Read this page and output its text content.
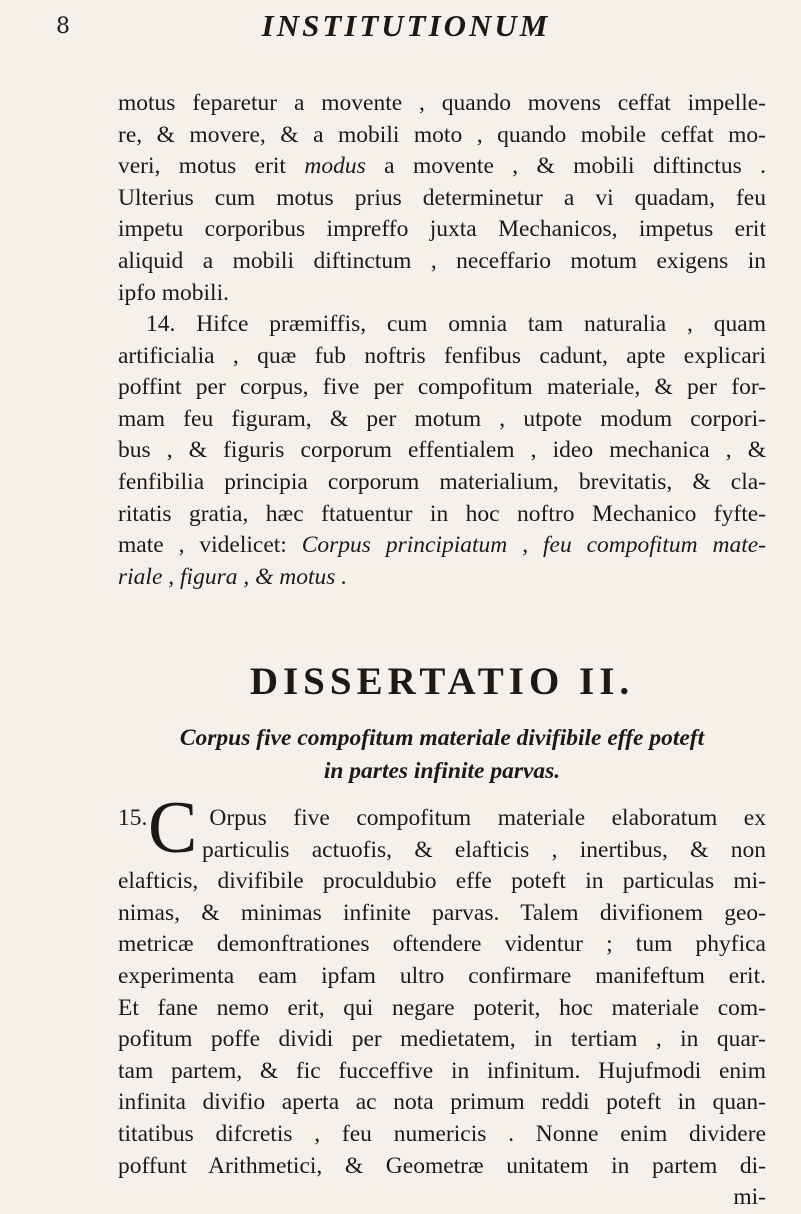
8	INSTITUTIONUM
motus feparetur a movente , quando movens ceffat impelle-
re, & movere, & a mobili moto , quando mobile ceffat mo-
veri, motus erit modus a movente , & mobili diftinctus .
Ulterius cum motus prius determinetur a vi quadam, feu
impetu corporibus impreffo juxta Mechanicos, impetus erit
aliquid a mobili diftinctum , neceffario motum exigens in
ipfo mobili.
14. Hifce præmiffis, cum omnia tam naturalia , quam
artificialia , quæ fub noftris fenfibus cadunt, apte explicari
poffint per corpus, five per compofitum materiale, & per for-
mam feu figuram, & per motum , utpote modum corpori-
bus , & figuris corporum effentialem , ideo mechanica , &
fenfibilia principia corporum materialium, brevitatis, & cla-
ritatis gratia, hæc ftatuentur in hoc noftro Mechanico fyfte-
mate , videlicet: Corpus principiatum , feu compofitum mate-
riale , figura , & motus .
DISSERTATIO II.
Corpus five compofitum materiale divifibile effe poteft
in partes infinite parvas.
C
15.	Orpus five compofitum materiale elaboratum ex
particulis actuofis, & elafticis , inertibus, & non
elafticis, divifibile proculdubio effe poteft in particulas mi-
nimas, & minimas infinite parvas. Talem divifionem geo-
metricæ demonftrationes oftendere videntur ; tum phyfica
experimenta eam ipfam ultro confirmare manifeftum erit.
Et fane nemo erit, qui negare poterit, hoc materiale com-
pofitum poffe dividi per medietatem, in tertiam , in quar-
tam partem, & fic fucceffive in infinitum. Hujufmodi enim
infinita divifio aperta ac nota primum reddi poteft in quan-
titatibus difcretis , feu numericis . Nonne enim dividere
poffunt Arithmetici, & Geometræ unitatem in partem di-
mi-
